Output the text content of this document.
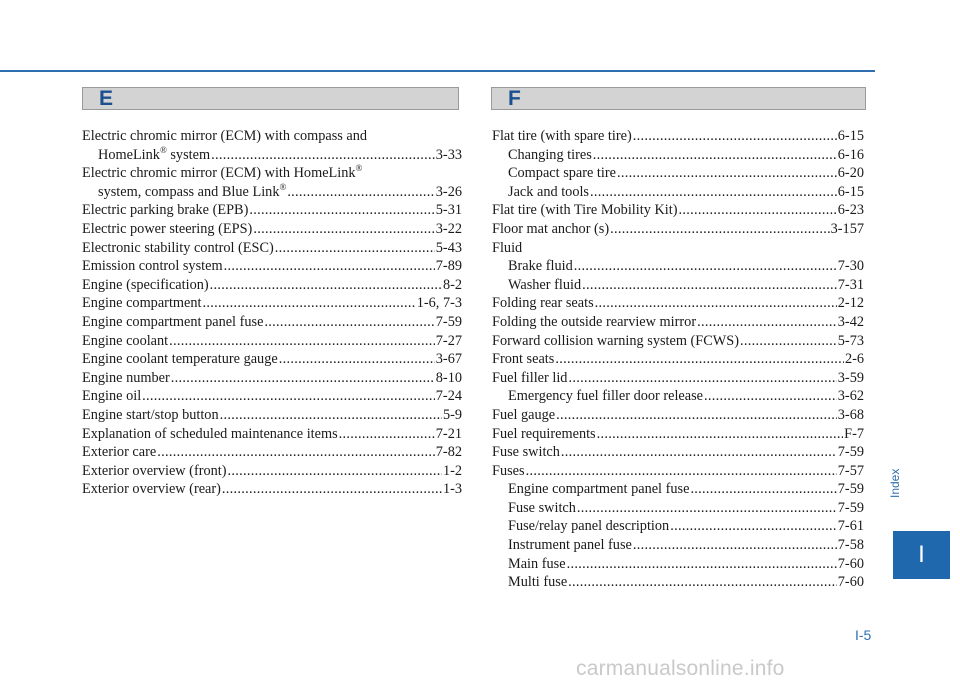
E	F
Electric chromic mirror (ECM) with compass and
HomeLink® system .....	3-33
Electric chromic mirror (ECM) with HomeLink®
system, compass and Blue Link® .....	3-26
Electric parking brake (EPB) .....	5-31
Electric power steering (EPS) .....	3-22
Electronic stability control (ESC) .....	5-43
Emission control system .....	7-89
Engine (specification) .....	8-2
Engine compartment .....	1-6, 7-3
Engine compartment panel fuse .....	7-59
Engine coolant .....	7-27
Engine coolant temperature gauge .....	3-67
Engine number .....	8-10
Engine oil .....	7-24
Engine start/stop button .....	5-9
Explanation of scheduled maintenance items .....	7-21
Exterior care .....	7-82
Exterior overview (front) .....	1-2
Exterior overview (rear) .....	1-3
Flat tire (with spare tire) .....	6-15
Changing tires .....	6-16
Compact spare tire .....	6-20
Jack and tools .....	6-15
Flat tire (with Tire Mobility Kit) .....	6-23
Floor mat anchor (s) .....	3-157
Fluid
Brake fluid .....	7-30
Washer fluid .....	7-31
Folding rear seats .....	2-12
Folding the outside rearview mirror .....	3-42
Forward collision warning system (FCWS) .....	5-73
Front seats .....	2-6
Fuel filler lid .....	3-59
Emergency fuel filler door release .....	3-62
Fuel gauge .....	3-68
Fuel requirements .....	F-7
Fuse switch .....	7-59
Fuses .....	7-57
Engine compartment panel fuse .....	7-59
Fuse switch .....	7-59
Fuse/relay panel description .....	7-61
Instrument panel fuse .....	7-58
Main fuse .....	7-60
Multi fuse .....	7-60
Index
I
I-5
carmanualsonline.info
